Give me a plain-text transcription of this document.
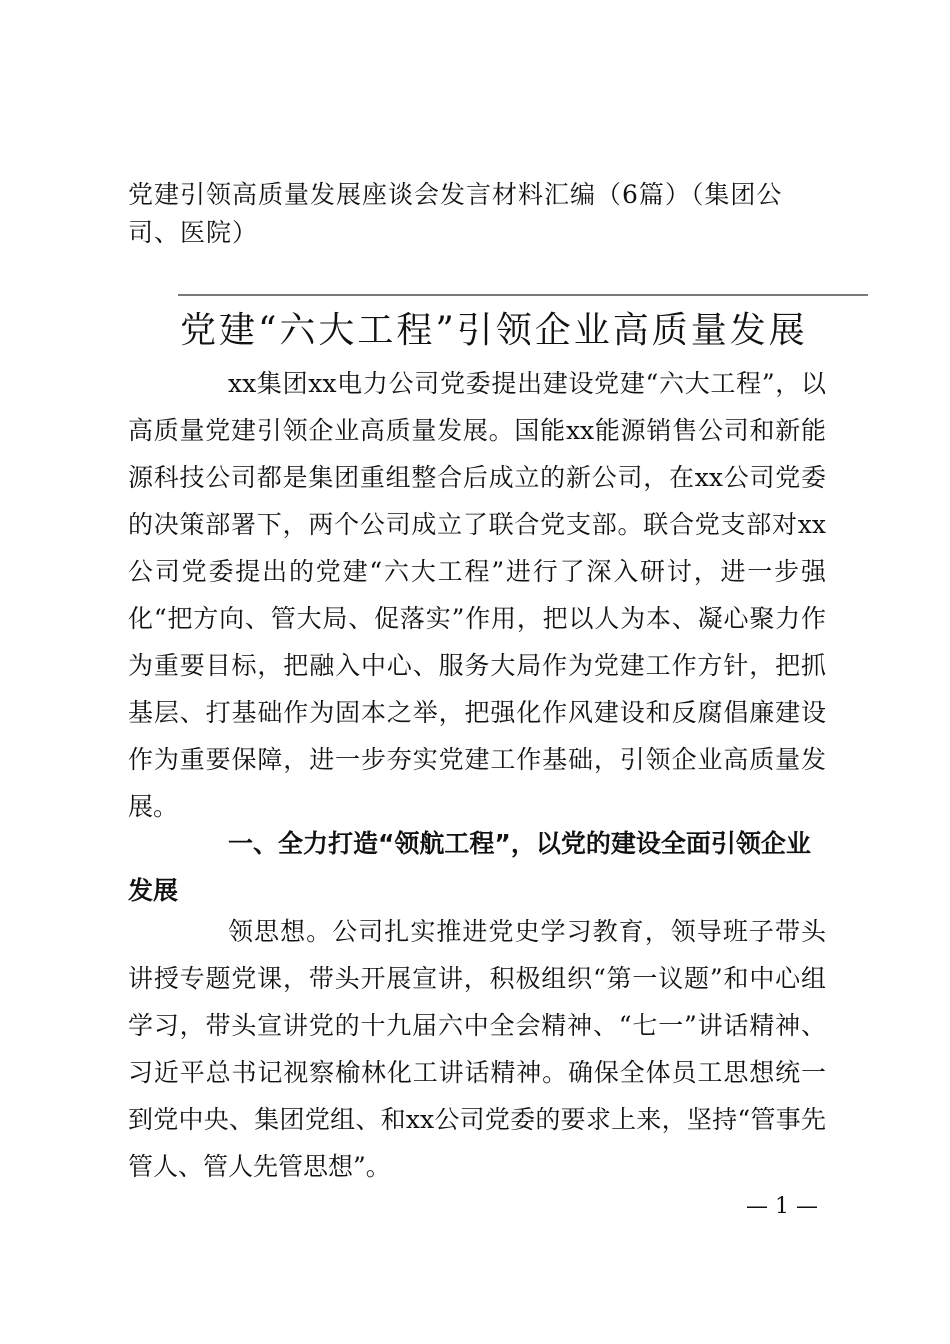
党建引领高质量发展座谈会发言材料汇编（6篇）（集团公司、医院）
党建“六大工程”引领企业高质量发展

xx集团xx电力公司党委提出建设党建“六大工程”，以高质量党建引领企业高质量发展。国能xx能源销售公司和新能源科技公司都是集团重组整合后成立的新公司，在xx公司党委的决策部署下，两个公司成立了联合党支部。联合党支部对xx公司党委提出的党建“六大工程”进行了深入研讨，进一步强化“把方向、管大局、促落实”作用，把以人为本、凝心聚力作为重要目标，把融入中心、服务大局作为党建工作方针，把抓基层、打基础作为固本之举，把强化作风建设和反腐倡廉建设作为重要保障，进一步夯实党建工作基础，引领企业高质量发展。

一、全力打造“领航工程”，以党的建设全面引领企业发展

领思想。公司扎实推进党史学习教育，领导班子带头讲授专题党课，带头开展宣讲，积极组织“第一议题”和中心组学习，带头宣讲党的十九届六中全会精神、“七一”讲话精神、习近平总书记视察榆林化工讲话精神。确保全体员工思想统一到党中央、集团党组、和xx公司党委的要求上来，坚持“管事先管人、管人先管思想”。

— 1 —
